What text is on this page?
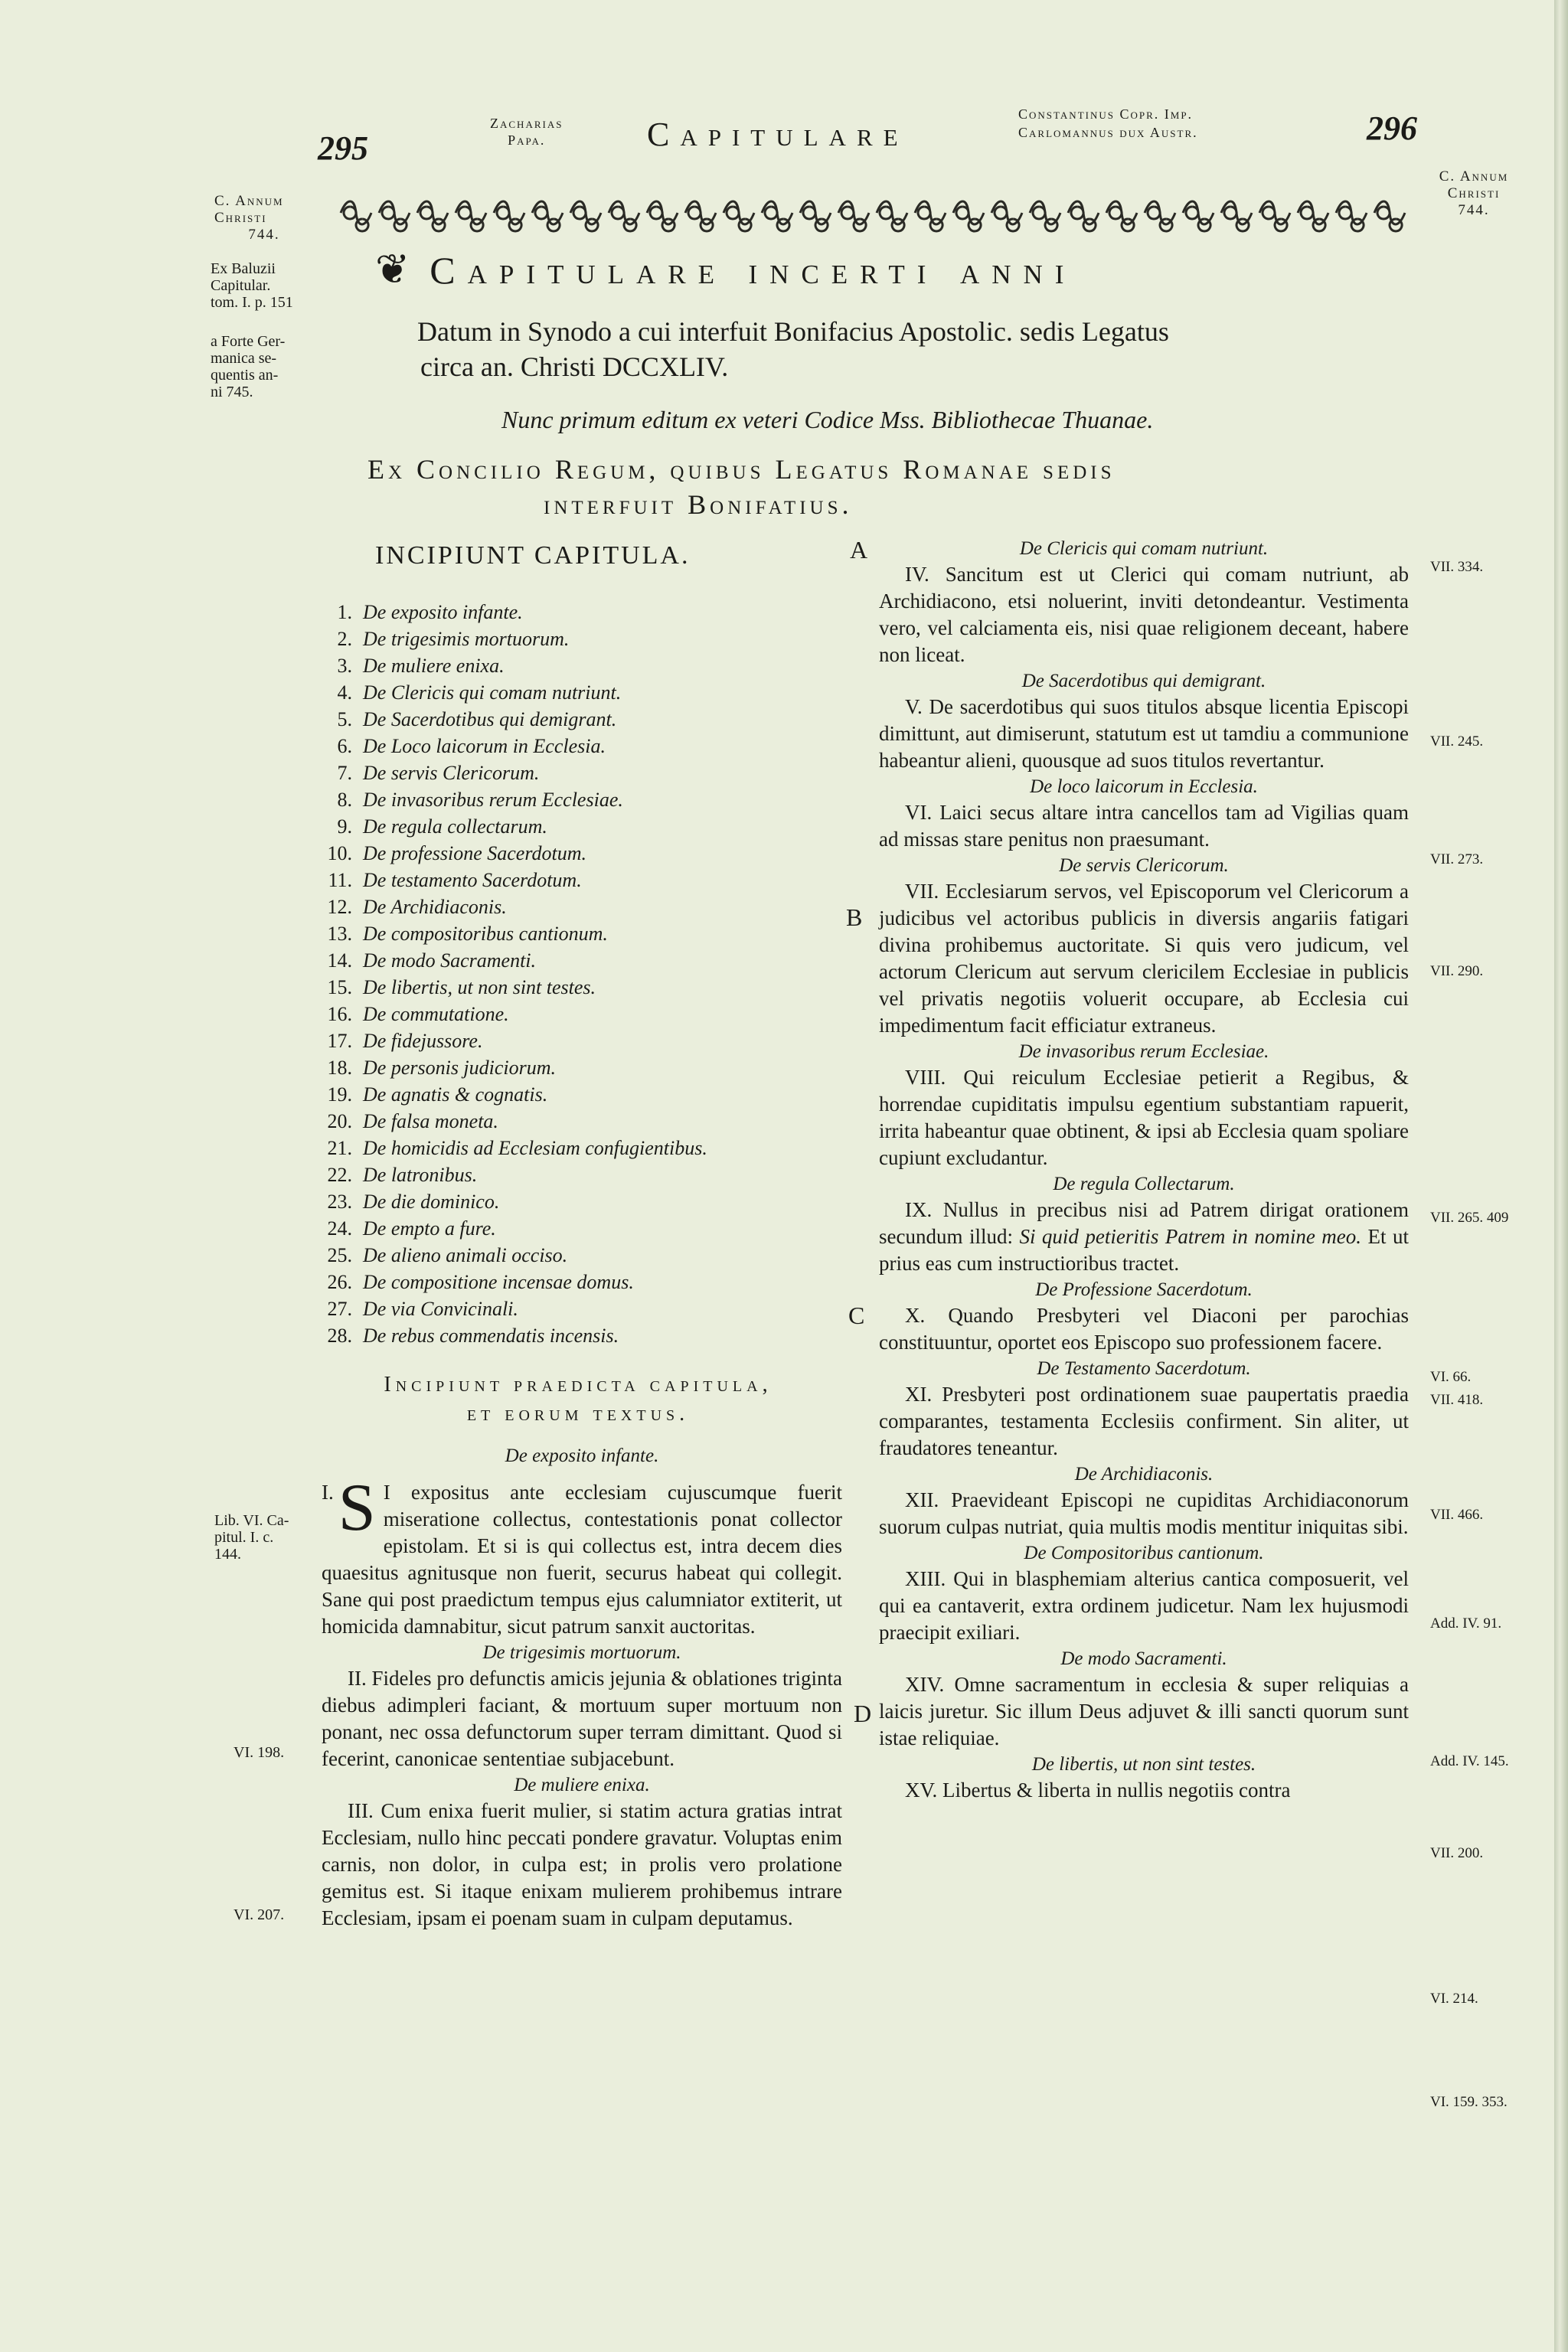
295
Zacharias
Papa.	Capitulare
Constantinus Copr. Imp.
Carlomannus dux Austr.	296
C. Annum
Christi
744.
Ex Baluzii
Capitular.
tom. I. p. 151
a Forte Ger-
manica se-
quentis an-
ni 745.
Lib. VI. Ca-
pitul. I. c.
144.
VI. 198.
VI. 207.
C. Annum
Christi
744.
❦ Capitulare incerti anni
Datum in Synodo a cui interfuit Bonifacius Apostolic. sedis Legatus
circa an. Christi DCCXLIV.
Nunc primum editum ex veteri Codice Mss. Bibliothecae Thuanae.
Ex Concilio Regum, quibus Legatus Romanae sedis
interfuit Bonifatius.
A
B
C
D
INCIPIUNT CAPITULA.
1. De exposito infante.
2. De trigesimis mortuorum.
3. De muliere enixa.
4. De Clericis qui comam nutriunt.
5. De Sacerdotibus qui demigrant.
6. De Loco laicorum in Ecclesia.
7. De servis Clericorum.
8. De invasoribus rerum Ecclesiae.
9. De regula collectarum.
10. De professione Sacerdotum.
11. De testamento Sacerdotum.
12. De Archidiaconis.
13. De compositoribus cantionum.
14. De modo Sacramenti.
15. De libertis, ut non sint testes.
16. De commutatione.
17. De fidejussore.
18. De personis judiciorum.
19. De agnatis & cognatis.
20. De falsa moneta.
21. De homicidis ad Ecclesiam confugientibus.
22. De latronibus.
23. De die dominico.
24. De empto a fure.
25. De alieno animali occiso.
26. De compositione incensae domus.
27. De via Convicinali.
28. De rebus commendatis incensis.
Incipiunt praedicta capitula,
et eorum textus.
De exposito infante.
I. S I expositus ante ecclesiam cujuscumque fuerit miseratione collectus, contestationis ponat collector epistolam. Et si is qui collectus est, intra decem dies quaesitus agnitusque non fuerit, securus habeat qui collegit. Sane qui post praedictum tempus ejus calumniator extiterit, ut homicida damnabitur, sicut patrum sanxit auctoritas.
De trigesimis mortuorum.
II. Fideles pro defunctis amicis jejunia & oblationes triginta diebus adimpleri faciant, & mortuum super mortuum non ponant, nec ossa defunctorum super terram dimittant. Quod si fecerint, canonicae sententiae subjacebunt.
De muliere enixa.
III. Cum enixa fuerit mulier, si statim actura gratias intrat Ecclesiam, nullo hinc peccati pondere gravatur. Voluptas enim carnis, non dolor, in culpa est; in prolis vero prolatione gemitus est. Si itaque enixam mulierem prohibemus intrare Ecclesiam, ipsam ei poenam suam in culpam deputamus.
De Clericis qui comam nutriunt.
IV. Sancitum est ut Clerici qui comam nutriunt, ab Archidiacono, etsi noluerint, inviti detondeantur. Vestimenta vero, vel calciamenta eis, nisi quae religionem deceant, habere non liceat.
De Sacerdotibus qui demigrant.
V. De sacerdotibus qui suos titulos absque licentia Episcopi dimittunt, aut dimiserunt, statutum est ut tamdiu a communione habeantur alieni, quousque ad suos titulos revertantur.
De loco laicorum in Ecclesia.
VI. Laici secus altare intra cancellos tam ad Vigilias quam ad missas stare penitus non praesumant.
De servis Clericorum.
VII. Ecclesiarum servos, vel Episcoporum vel Clericorum a judicibus vel actoribus publicis in diversis angariis fatigari divina prohibemus auctoritate. Si quis vero judicum, vel actorum Clericum aut servum clericilem Ecclesiae in publicis vel privatis negotiis voluerit occupare, ab Ecclesia cui impedimentum facit efficiatur extraneus.
De invasoribus rerum Ecclesiae.
VIII. Qui reiculum Ecclesiae petierit a Regibus, & horrendae cupiditatis impulsu egentium substantiam rapuerit, irrita habeantur quae obtinent, & ipsi ab Ecclesia quam spoliare cupiunt excludantur.
De regula Collectarum.
IX. Nullus in precibus nisi ad Patrem dirigat orationem secundum illud: Si quid petieritis Patrem in nomine meo. Et ut prius eas cum instructioribus tractet.
De Professione Sacerdotum.
X. Quando Presbyteri vel Diaconi per parochias constituuntur, oportet eos Episcopo suo professionem facere.
De Testamento Sacerdotum.
XI. Presbyteri post ordinationem suae paupertatis praedia comparantes, testamenta Ecclesiis confirment. Sin aliter, ut fraudatores teneantur.
De Archidiaconis.
XII. Praevideant Episcopi ne cupiditas Archidiaconorum suorum culpas nutriat, quia multis modis mentitur iniquitas sibi.
De Compositoribus cantionum.
XIII. Qui in blasphemiam alterius cantica composuerit, vel qui ea cantaverit, extra ordinem judicetur. Nam lex hujusmodi praecipit exiliari.
De modo Sacramenti.
XIV. Omne sacramentum in ecclesia & super reliquias a laicis juretur. Sic illum Deus adjuvet & illi sancti quorum sunt istae reliquiae.
De libertis, ut non sint testes.
XV. Libertus & liberta in nullis negotiis contra
VII. 334.
VII. 245.
VII. 273.
VII. 290.
VII. 265. 409
VI. 66.
VII. 418.
VII. 466.
Add. IV. 91.
Add. IV. 145.
VII. 200.
VI. 214.
VI. 159. 353.
